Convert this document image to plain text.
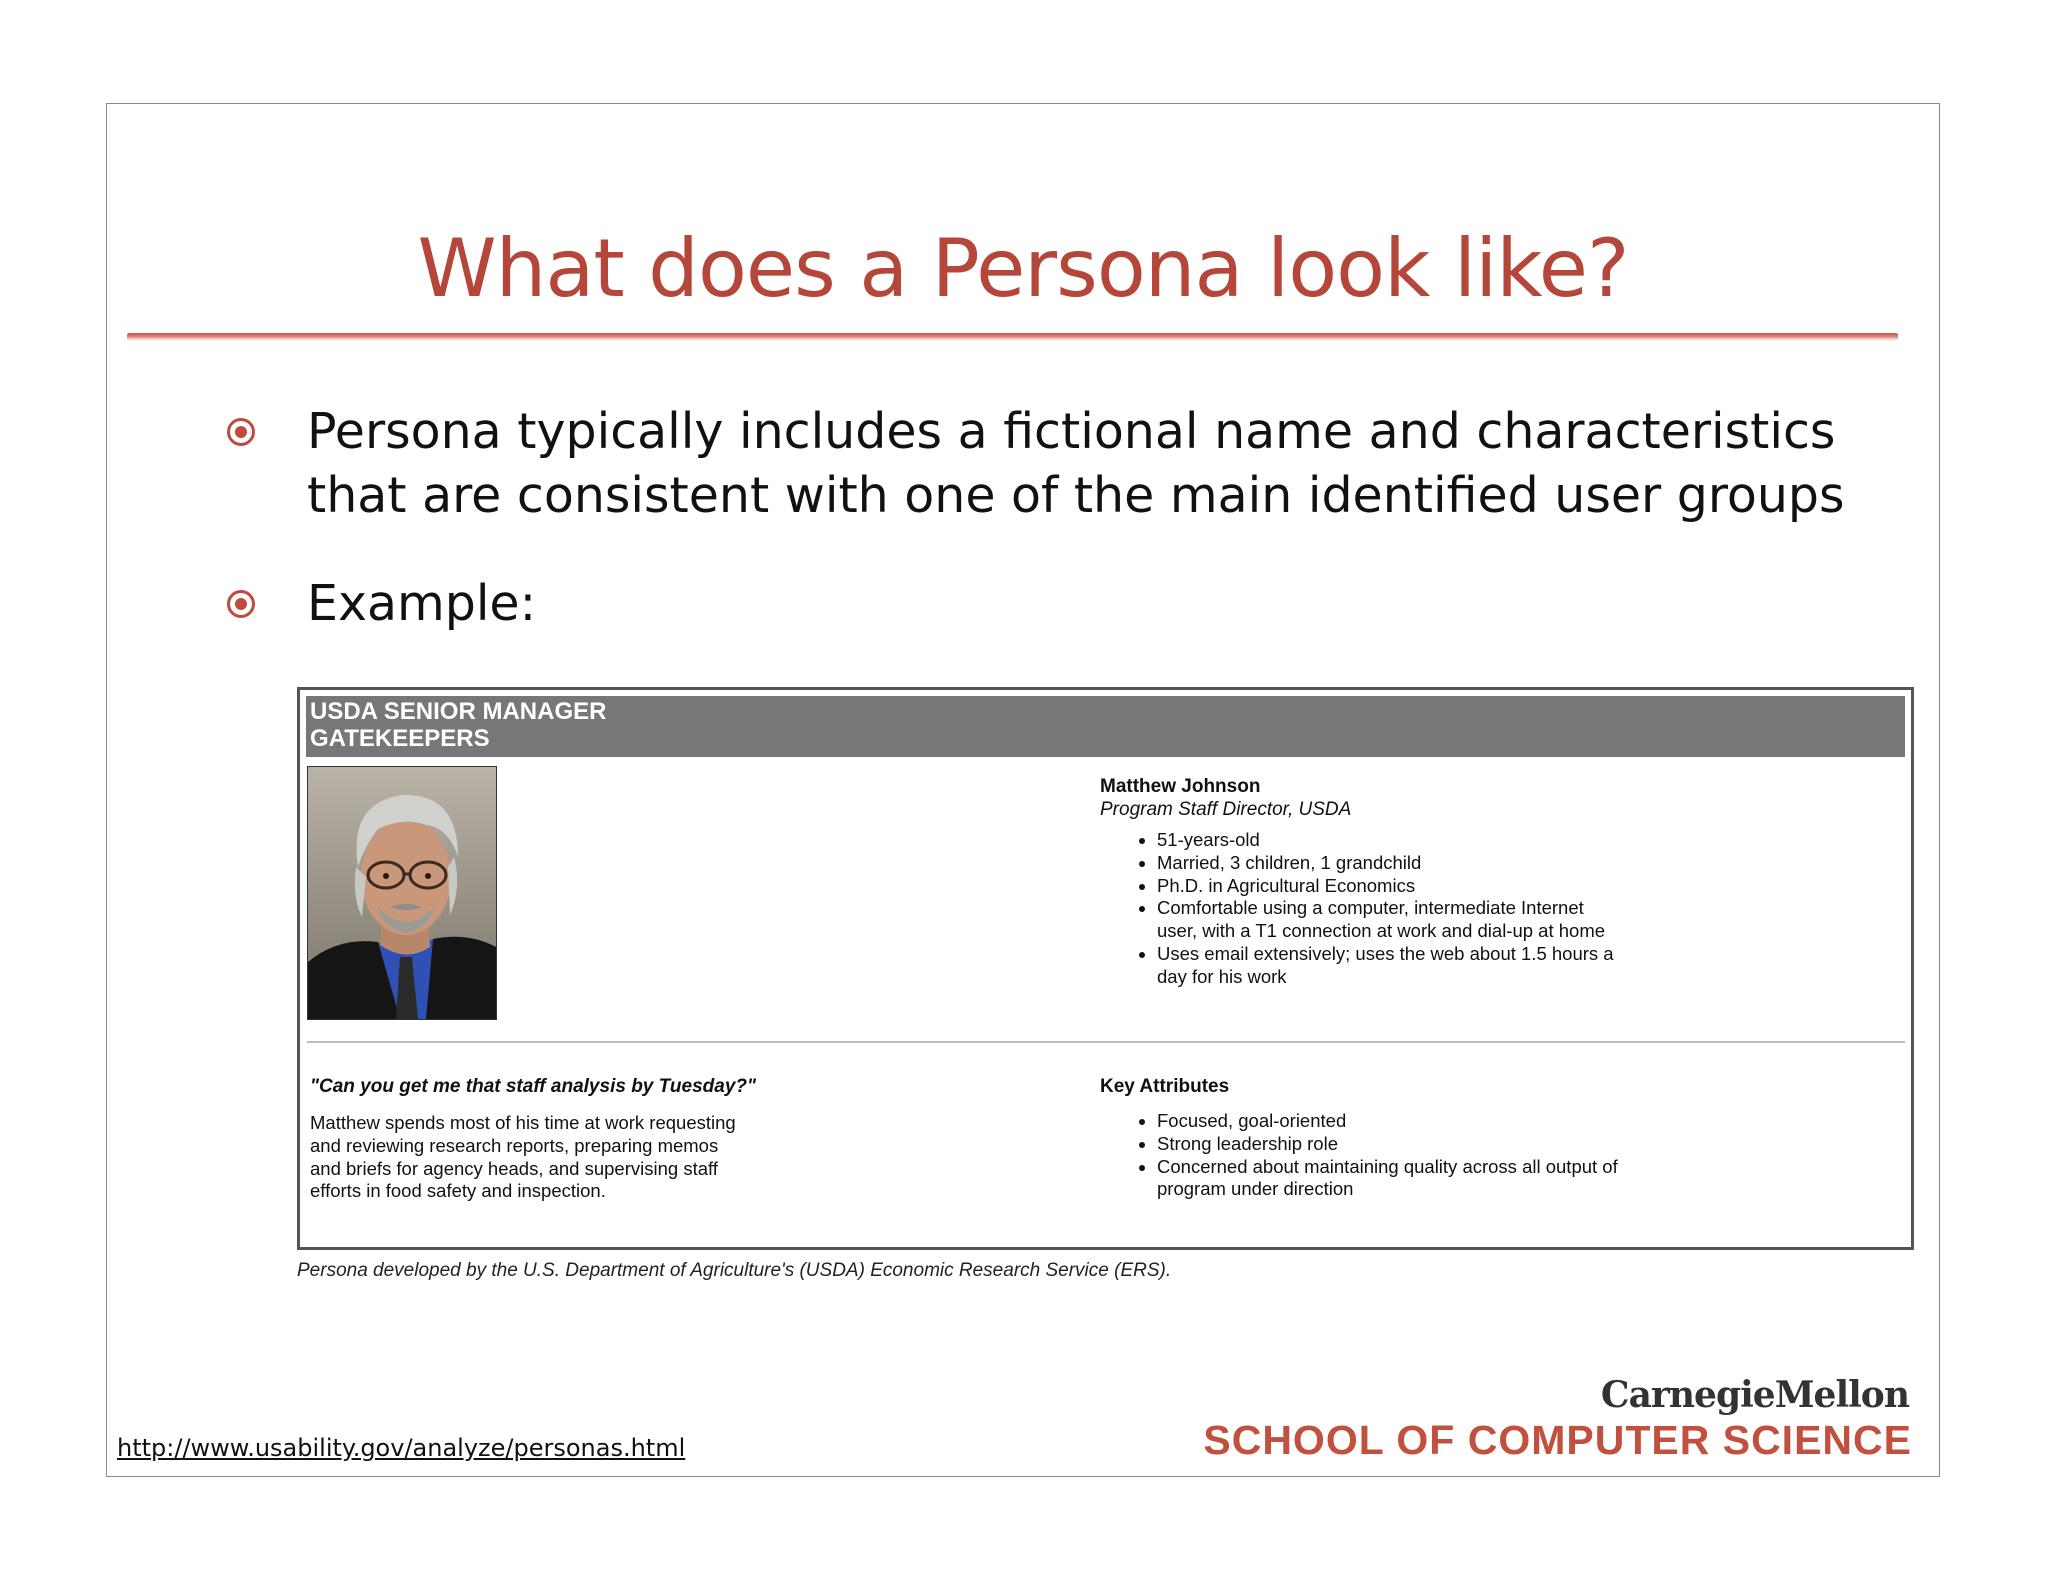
What does a Persona look like?
Persona typically includes a fictional name and characteristics that are consistent with one of the main identified user groups
Example:
USDA SENIOR MANAGER
GATEKEEPERS
Matthew Johnson
Program Staff Director, USDA
• 51-years-old
• Married, 3 children, 1 grandchild
• Ph.D. in Agricultural Economics
• Comfortable using a computer, intermediate Internet user, with a T1 connection at work and dial-up at home
• Uses email extensively; uses the web about 1.5 hours a day for his work
"Can you get me that staff analysis by Tuesday?"
Matthew spends most of his time at work requesting and reviewing research reports, preparing memos and briefs for agency heads, and supervising staff efforts in food safety and inspection.
Key Attributes
• Focused, goal-oriented
• Strong leadership role
• Concerned about maintaining quality across all output of program under direction
Persona developed by the U.S. Department of Agriculture's (USDA) Economic Research Service (ERS).
http://www.usability.gov/analyze/personas.html
CarnegieMellon
SCHOOL OF COMPUTER SCIENCE
